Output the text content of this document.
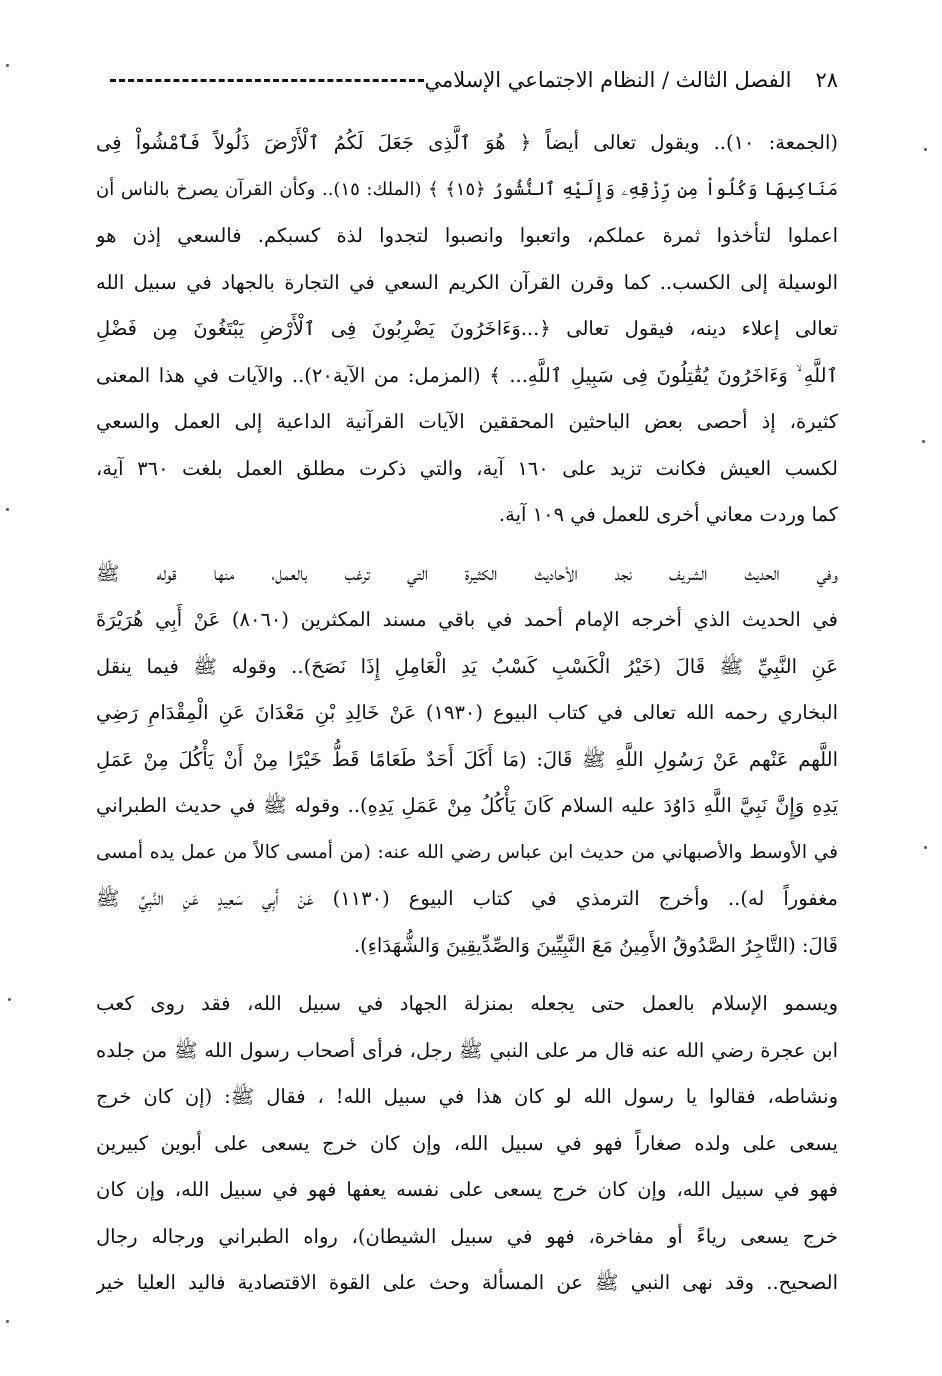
٢٨
الفصل الثالث / النظام الاجتماعي الإسلامي
(الجمعة: ١٠).. ويقول تعالى أيضاً ﴿ هُوَ ٱلَّذِى جَعَلَ لَكُمُ ٱلْأَرْضَ ذَلُولاً فَٱمْشُواْ فِى
مَنَاكِبِهَا وَكُلُواْ مِن رِّزْقِهِۦ وَإِلَيْهِ ٱلنُّشُورُ ﴿١٥﴾ ﴾ (الملك: ١٥).. وكأن القرآن يصرخ بالناس أن
اعملوا لتأخذوا ثمرة عملكم، واتعبوا وانصبوا لتجدوا لذة كسبكم. فالسعي إذن هو
الوسيلة إلى الكسب.. كما وقرن القرآن الكريم السعي في التجارة بالجهاد في سبيل الله
تعالى إعلاء دينه، فيقول تعالى ﴿...وَءَاخَرُونَ يَضْرِبُونَ فِى ٱلْأَرْضِ يَبْتَغُونَ مِن فَضْلِ
ٱللَّهِ ۙ وَءَاخَرُونَ يُقَٰتِلُونَ فِى سَبِيلِ ٱللَّهِ... ﴾ (المزمل: من الآية٢٠).. والآيات في هذا المعنى
كثيرة، إذ أحصى بعض الباحثين المحققين الآيات القرآنية الداعية إلى العمل والسعي
لكسب العيش فكانت تزيد على ١٦٠ آية، والتي ذكرت مطلق العمل بلغت ٣٦٠ آية،
كما وردت معاني أخرى للعمل في ١٠٩ آية.
وفي الحديث الشريف نجد الأحاديث الكثيرة التي ترغب بالعمل، منها قوله ﷺ
في الحديث الذي أخرجه الإمام أحمد في باقي مسند المكثرين (٨٠٦٠) عَنْ أَبِي هُرَيْرَةَ
عَنِ النَّبِيِّ ﷺ قَالَ (خَيْرُ الْكَسْبِ كَسْبُ يَدِ الْعَامِلِ إِذَا نَصَحَ).. وقوله ﷺ فيما ينقل
البخاري رحمه الله تعالى في كتاب البيوع (١٩٣٠) عَنْ خَالِدِ بْنِ مَعْدَانَ عَنِ الْمِقْدَامِ رَضِي
اللَّهم عَنْهم عَنْ رَسُولِ اللَّهِ ﷺ قَالَ: (مَا أَكَلَ أَحَدٌ طَعَامًا قَطُّ خَيْرًا مِنْ أَنْ يَأْكُلَ مِنْ عَمَلِ
يَدِهِ وَإِنَّ نَبِيَّ اللَّهِ دَاوُدَ عليه السلام كَانَ يَأْكُلُ مِنْ عَمَلِ يَدِهِ).. وقوله ﷺ في حديث الطبراني
في الأوسط والأصبهاني من حديث ابن عباس رضي الله عنه: (من أمسى كالاً من عمل يده أمسى
مغفوراً له).. وأخرج الترمذي في كتاب البيوع (١١٣٠) عَنْ أَبِي سَعِيدٍ عَنِ النَّبِيِّ ﷺ
قَالَ: (التَّاجِرُ الصَّدُوقُ الأَمِينُ مَعَ النَّبِيِّينَ وَالصِّدِّيقِينَ وَالشُّهَدَاءِ).
ويسمو الإسلام بالعمل حتى يجعله بمنزلة الجهاد في سبيل الله، فقد روى كعب
ابن عجرة رضي الله عنه قال مر على النبي ﷺ رجل، فرأى أصحاب رسول الله ﷺ من جلده
ونشاطه، فقالوا يا رسول الله لو كان هذا في سبيل الله! ، فقال ﷺ: (إن كان خرج
يسعى على ولده صغاراً فهو في سبيل الله، وإن كان خرج يسعى على أبوين كبيرين
فهو في سبيل الله، وإن كان خرج يسعى على نفسه يعفها فهو في سبيل الله، وإن كان
خرج يسعى رياءً أو مفاخرة، فهو في سبيل الشيطان)، رواه الطبراني ورجاله رجال
الصحيح.. وقد نهى النبي ﷺ عن المسألة وحث على القوة الاقتصادية فاليد العليا خير
